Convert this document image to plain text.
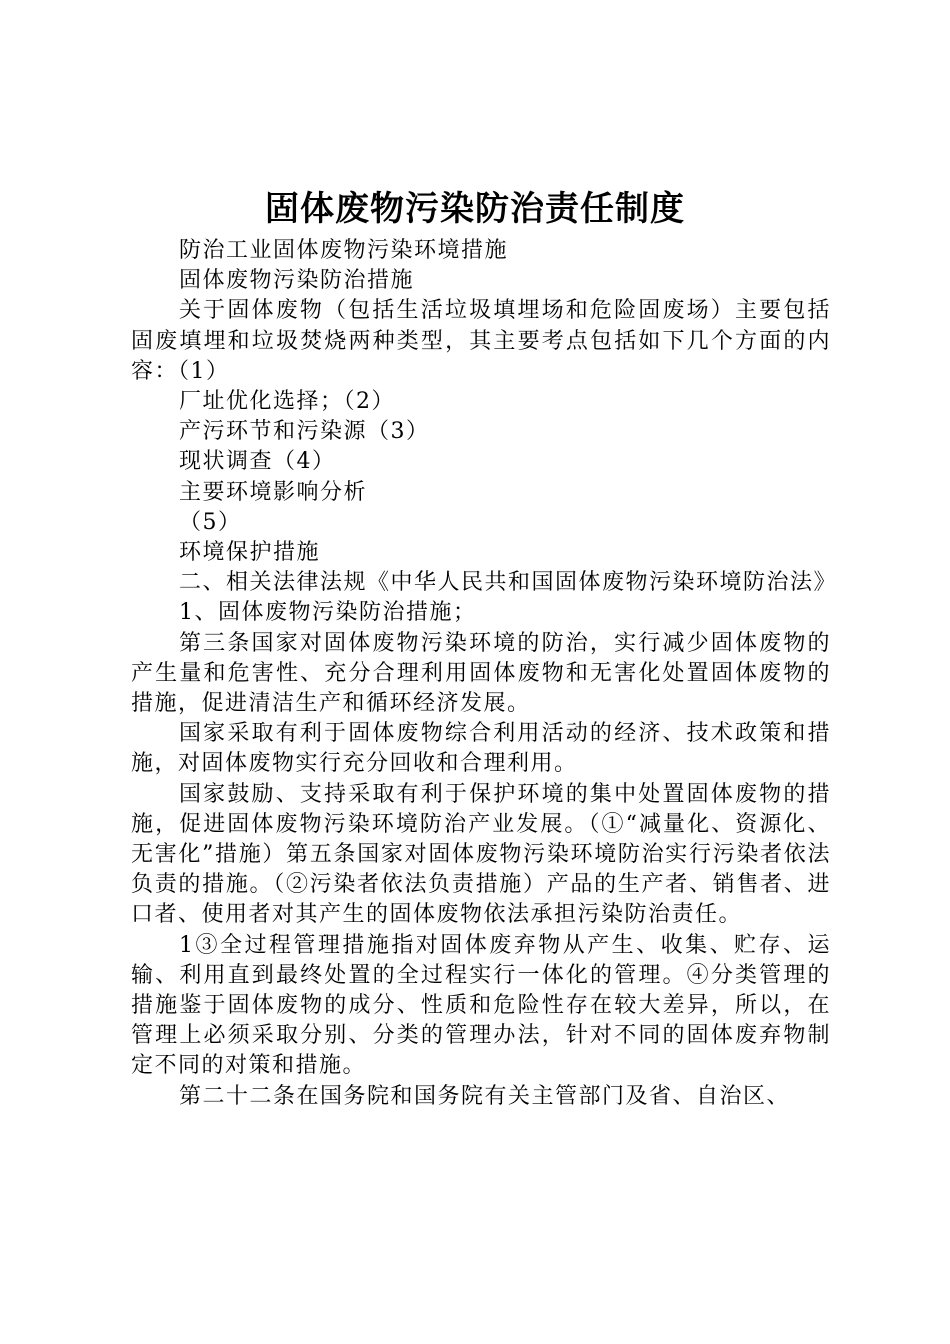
固体废物污染防治责任制度

防治工业固体废物污染环境措施

固体废物污染防治措施

关于固体废物（包括生活垃圾填埋场和危险固废场）主要包括固废填埋和垃圾焚烧两种类型，其主要考点包括如下几个方面的内容：（1）

厂址优化选择；（2）

产污环节和污染源（3）

现状调查（4）

主要环境影响分析

（5）

环境保护措施

二、相关法律法规《中华人民共和国固体废物污染环境防治法》

1、固体废物污染防治措施；

第三条国家对固体废物污染环境的防治，实行减少固体废物的产生量和危害性、充分合理利用固体废物和无害化处置固体废物的措施，促进清洁生产和循环经济发展。

国家采取有利于固体废物综合利用活动的经济、技术政策和措施，对固体废物实行充分回收和合理利用。

国家鼓励、支持采取有利于保护环境的集中处置固体废物的措施，促进固体废物污染环境防治产业发展。（①“减量化、资源化、无害化”措施）第五条国家对固体废物污染环境防治实行污染者依法负责的措施。（②污染者依法负责措施）产品的生产者、销售者、进口者、使用者对其产生的固体废物依法承担污染防治责任。

1③全过程管理措施指对固体废弃物从产生、收集、贮存、运输、利用直到最终处置的全过程实行一体化的管理。④分类管理的措施鉴于固体废物的成分、性质和危险性存在较大差异，所以，在管理上必须采取分别、分类的管理办法，针对不同的固体废弃物制定不同的对策和措施。

第二十二条在国务院和国务院有关主管部门及省、自治区、
